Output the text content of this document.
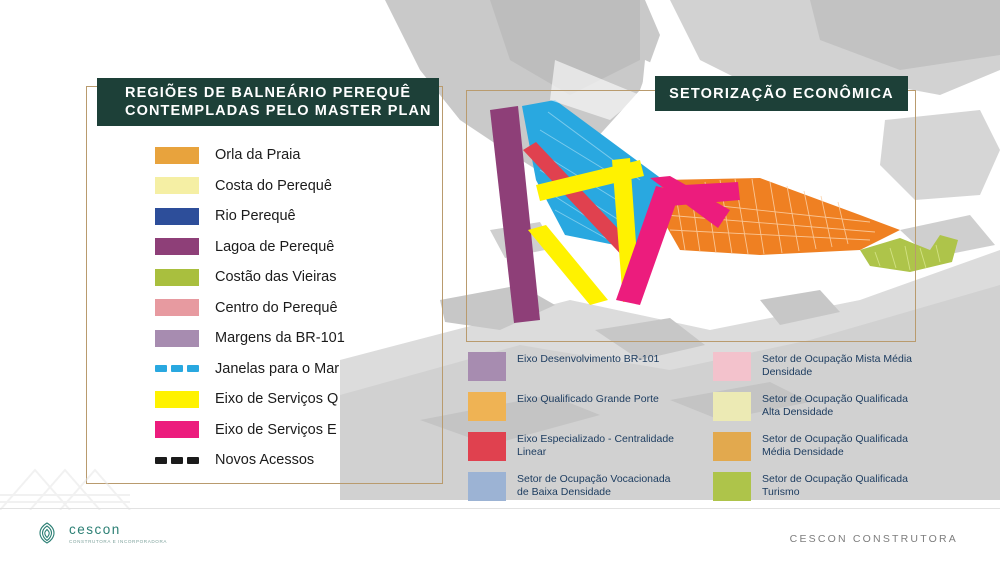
REGIÕES DE BALNEÁRIO PEREQUÊ
CONTEMPLADAS PELO MASTER PLAN
Orla da Praia
Costa do Perequê
Rio Perequê
Lagoa de Perequê
Costão das Vieiras
Centro do Perequê
Margens da BR-101
Janelas para o Mar
Eixo de Serviços Q
Eixo de Serviços E
Novos Acessos
SETORIZAÇÃO ECONÔMICA
Eixo Desenvolvimento BR-101
Eixo Qualificado Grande Porte
Eixo Especializado - Centralidade Linear
Setor de Ocupação Vocacionada de Baixa Densidade
Setor de Ocupação Mista Média Densidade
Setor de Ocupação Qualificada Alta Densidade
Setor de Ocupação Qualificada Média Densidade
Setor de Ocupação Qualificada Turismo
cescon
CONSTRUTORA E INCORPORADORA	CESCON CONSTRUTORA
